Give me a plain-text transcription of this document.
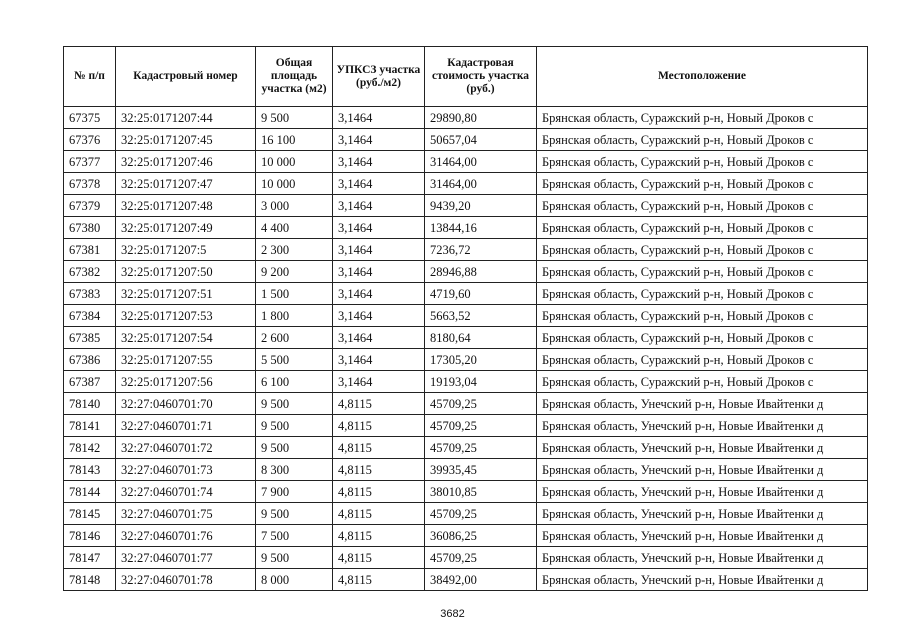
№ п/п	Кадастровый номер	Общая площадь участка (м2)	УПКСЗ участка (руб./м2)	Кадастровая стоимость участка (руб.)	Местоположение
67375	32:25:0171207:44	9 500	3,1464	29890,80	Брянская область, Суражский р-н, Новый Дроков с
67376	32:25:0171207:45	16 100	3,1464	50657,04	Брянская область, Суражский р-н, Новый Дроков с
67377	32:25:0171207:46	10 000	3,1464	31464,00	Брянская область, Суражский р-н, Новый Дроков с
67378	32:25:0171207:47	10 000	3,1464	31464,00	Брянская область, Суражский р-н, Новый Дроков с
67379	32:25:0171207:48	3 000	3,1464	9439,20	Брянская область, Суражский р-н, Новый Дроков с
67380	32:25:0171207:49	4 400	3,1464	13844,16	Брянская область, Суражский р-н, Новый Дроков с
67381	32:25:0171207:5	2 300	3,1464	7236,72	Брянская область, Суражский р-н, Новый Дроков с
67382	32:25:0171207:50	9 200	3,1464	28946,88	Брянская область, Суражский р-н, Новый Дроков с
67383	32:25:0171207:51	1 500	3,1464	4719,60	Брянская область, Суражский р-н, Новый Дроков с
67384	32:25:0171207:53	1 800	3,1464	5663,52	Брянская область, Суражский р-н, Новый Дроков с
67385	32:25:0171207:54	2 600	3,1464	8180,64	Брянская область, Суражский р-н, Новый Дроков с
67386	32:25:0171207:55	5 500	3,1464	17305,20	Брянская область, Суражский р-н, Новый Дроков с
67387	32:25:0171207:56	6 100	3,1464	19193,04	Брянская область, Суражский р-н, Новый Дроков с
78140	32:27:0460701:70	9 500	4,8115	45709,25	Брянская область, Унечский р-н, Новые Ивайтенки д
78141	32:27:0460701:71	9 500	4,8115	45709,25	Брянская область, Унечский р-н, Новые Ивайтенки д
78142	32:27:0460701:72	9 500	4,8115	45709,25	Брянская область, Унечский р-н, Новые Ивайтенки д
78143	32:27:0460701:73	8 300	4,8115	39935,45	Брянская область, Унечский р-н, Новые Ивайтенки д
78144	32:27:0460701:74	7 900	4,8115	38010,85	Брянская область, Унечский р-н, Новые Ивайтенки д
78145	32:27:0460701:75	9 500	4,8115	45709,25	Брянская область, Унечский р-н, Новые Ивайтенки д
78146	32:27:0460701:76	7 500	4,8115	36086,25	Брянская область, Унечский р-н, Новые Ивайтенки д
78147	32:27:0460701:77	9 500	4,8115	45709,25	Брянская область, Унечский р-н, Новые Ивайтенки д
78148	32:27:0460701:78	8 000	4,8115	38492,00	Брянская область, Унечский р-н, Новые Ивайтенки д
3682
